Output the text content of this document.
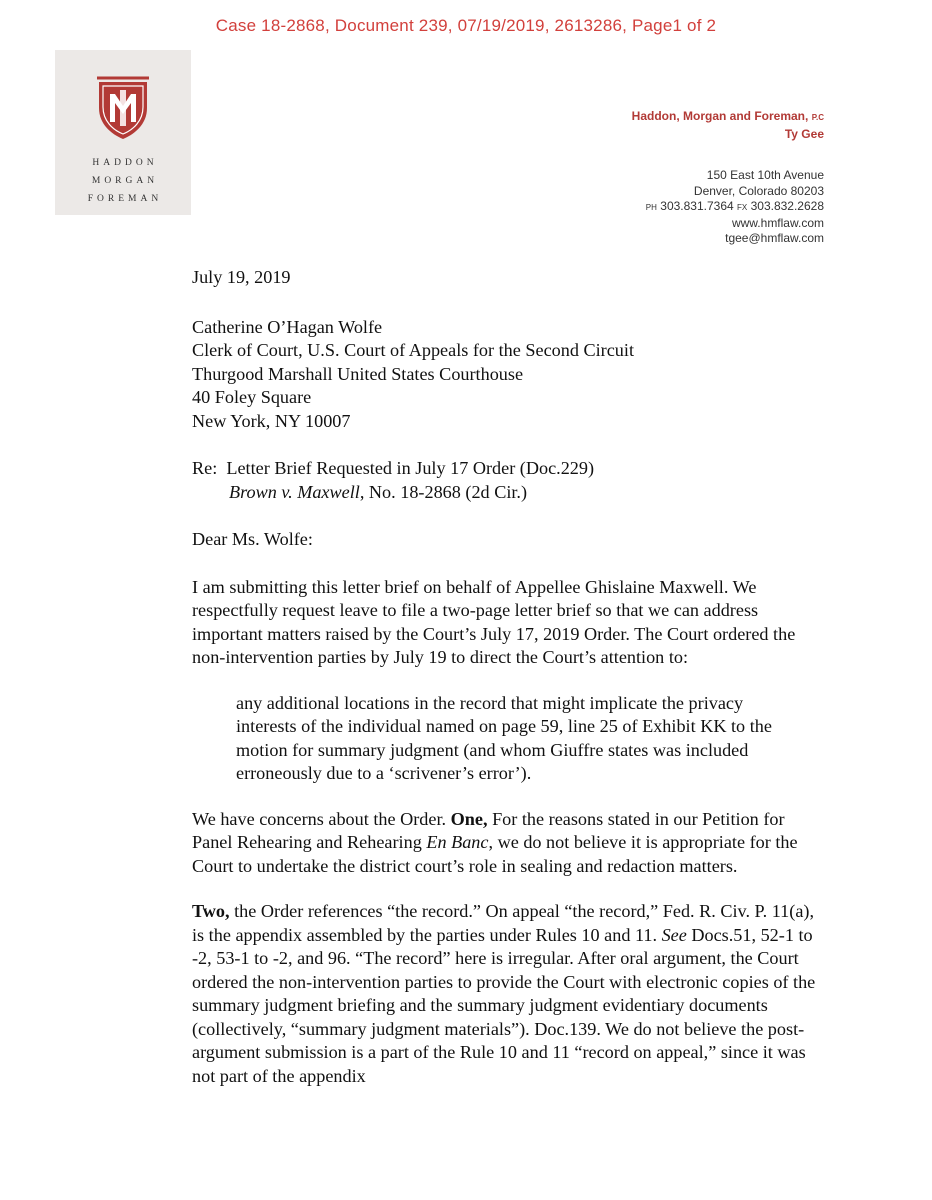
Case 18-2868, Document 239, 07/19/2019, 2613286, Page1 of 2
HADDON
MORGAN
FOREMAN
Haddon, Morgan and Foreman, P.C
Ty Gee
150 East 10th Avenue
Denver, Colorado 80203
PH 303.831.7364 FX 303.832.2628
www.hmflaw.com
tgee@hmflaw.com

July 19, 2019

Catherine O’Hagan Wolfe

Clerk of Court, U.S. Court of Appeals for the Second Circuit

Thurgood Marshall United States Courthouse

40 Foley Square

New York, NY 10007

Re: Letter Brief Requested in July 17 Order (Doc.229)

Brown v. Maxwell, No. 18-2868 (2d Cir.)

Dear Ms. Wolfe:

I am submitting this letter brief on behalf of Appellee Ghislaine Maxwell. We respectfully request leave to file a two-page letter brief so that we can address important matters raised by the Court’s July 17, 2019 Order. The Court ordered the non-intervention parties by July 19 to direct the Court’s attention to:

any additional locations in the record that might implicate the privacy interests of the individual named on page 59, line 25 of Exhibit KK to the motion for summary judgment (and whom Giuffre states was included erroneously due to a ‘scrivener’s error’).

We have concerns about the Order. One, For the reasons stated in our Petition for Panel Rehearing and Rehearing En Banc, we do not believe it is appropriate for the Court to undertake the district court’s role in sealing and redaction matters.

Two, the Order references “the record.” On appeal “the record,” Fed. R. Civ. P. 11(a), is the appendix assembled by the parties under Rules 10 and 11. See Docs.51, 52-1 to -2, 53-1 to -2, and 96. “The record” here is irregular. After oral argument, the Court ordered the non-intervention parties to provide the Court with electronic copies of the summary judgment briefing and the summary judgment evidentiary documents (collectively, “summary judgment materials”). Doc.139. We do not believe the post-argument submission is a part of the Rule 10 and 11 “record on appeal,” since it was not part of the appendix
